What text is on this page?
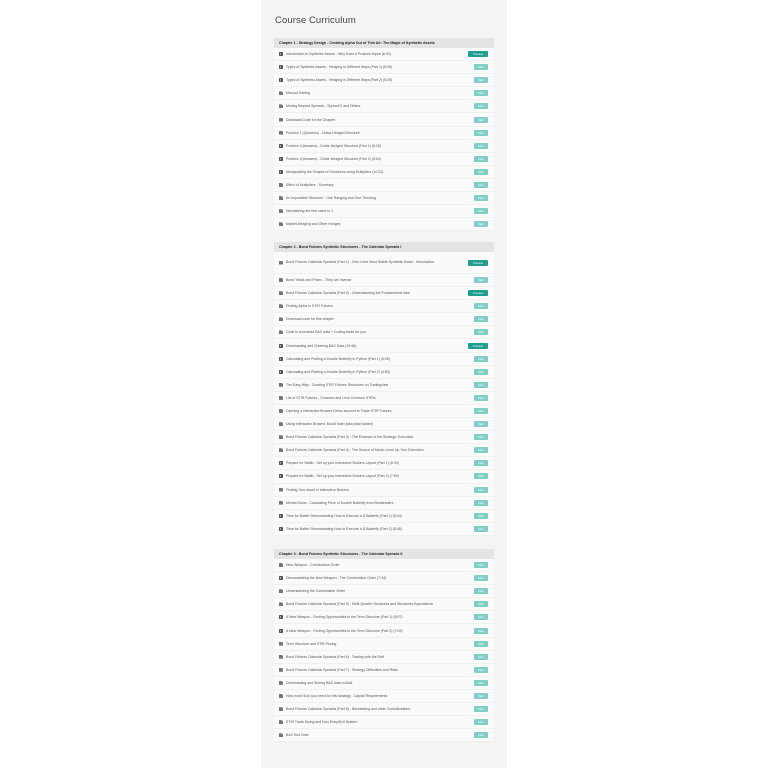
Course Curriculum
Chapter 1 - Strategy Design - Creating Alpha Out of Thin Air: The Magic of Synthetic Assets
Introduction to Synthetic Assets - Why Does It Produce Alpha (6:30)	Preview
Types of Synthetic Assets - Hedging in Different Ways (Part 1) (8:06)	Start
Types of Synthetic Assets - Hedging in Different Ways (Part 2) (5:26)	Start
Manual Trading	Start
Moving Beyond Spreads - Spread^2 and Others	Start
Download Code for the Chapter	Start
Practice 1 (Question) - Dollar-Hedged Structure	Start
Practice 1(Answers) - Dollar-Hedged Structure (Part 1) (6:18)	Start
Practice 1(Answers) - Dollar-Hedged Structure (Part 2) (8:04)	Start
Manipulating the Shapes of Structures using Multipliers (10:22)	Start
Effect of Multipliers - Summary	Start
An Impossible Structure - One Ranging and One Trending	Start
Normalizing the first value to 1	Start
Market-Hedging and Other Hedges	Start
Chapter 2 - Bond Futures Synthetic Structures - The Calendar Spreads I
Bond Futures Calendar Spreads (Part 1) - One of the Most Stable Synthetic Asset - Introduction	Preview
Bond Yields and Prices - They are Inverse	Start
Bond Futures Calendar Spreads (Part 2) - Understanding the Fundamental Idea	Preview
Finding Alpha in STIR Futures	Start
Download code for this chapter	Start
Code to download BAX data + Coding tasks for you	Start
Downloading and Cleaning BAX Data (10:46)	Preview
Calculating and Plotting a Double Butterfly in Python (Part 1) (5:05)	Start
Calculating and Plotting a Double Butterfly in Python (Part 2) (4:53)	Start
The Easy Way - Charting STIR Futures Structures on Tradingview	Start
List of STIR Futures - Common and Less Common STIRs	Start
Opening a Interactive Brokers Demo account to Trade STIR Futures	Start
Using Interactive Brokers' BookTrader (aka price ladder)	Start
Bond Futures Calendar Spreads (Part 3) - The Essence of the Strategy: Execution	Start
Bond Futures Calendar Spreads (Part 4) - The Source of Alpha: Level Up Your Execution	Start
Prepare for Battle - Set up your Interactive Brokers Layout (Part 1) (6:39)	Start
Prepare for Battle - Set up your Interactive Brokers Layout (Part 2) (7:59)	Start
Finding Your Asset in Interactive Brokers	Start
Mental Sums - Calculating Price of Double Butterfly from Booktraders	Start
Time for Battle! Demonstrating How to Execute a D.Butterfly (Part 1) (8:44)	Start
Time for Battle! Demonstrating How to Execute a D.Butterfly (Part 2) (8:48)	Start
Chapter 3 - Bond Futures Synthetic Structures - The Calendar Spreads II
New Weapon - Combination Order	Start
Demonstrating the New Weapon - The Combination Order (7:34)	Start
Understanding the Combination Order	Start
Bond Futures Calendar Spreads (Part 5) - Multi-Quarter Structures and Structures Equivalence	Start
A New Weapon - Finding Opportunities in the Term Structure (Part 1) (5:07)	Start
A New Weapon - Finding Opportunities in the Term Structure (Part 2) (7:05)	Start
Term Structure and STIR Pricing	Start
Bond Futures Calendar Spreads (Part 6) - Trading with the Drift	Start
Bond Futures Calendar Spreads (Part 7) - Strategy Difficulties and Risks	Start
Downloading and Storing BAX data in Bulk	Start
How much $ do you need for this strategy - Capital Requirements	Start
Bond Futures Calendar Spreads (Part 8) - Backtesting and other Considerations	Start
STIR Trade Sizing and Non-Entry/Exit System	Start
BAX End Note	Start
